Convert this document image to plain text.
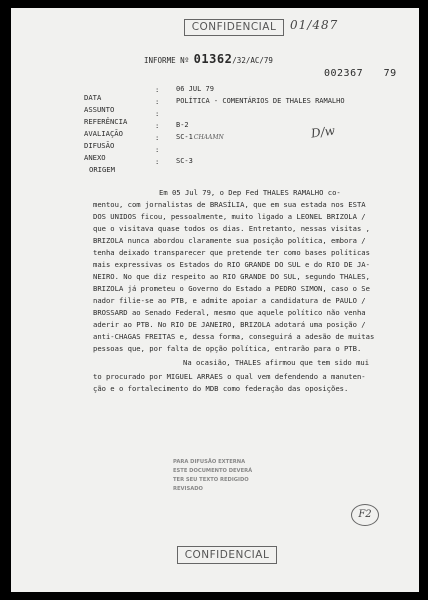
CONFIDENCIAL	01/487
INFORME Nº 01362/32/AC/79
002367 79
DATA
: 06 JUL 79
ASSUNTO
: POLÍTICA - COMENTÁRIOS DE THALES RAMALHO
REFERÊNCIA
:
AVALIAÇÃO
: B-2
DIFUSÃO
: SC-1CHAAMN
ANEXO
:
ORIGEM
: SC-3
D/w
Em 05 Jul 79, o Dep Fed THALES RAMALHO co-
mentou, com jornalistas de BRASÍLIA, que em sua estada nos ESTA
DOS UNIDOS ficou, pessoalmente, muito ligado a LEONEL BRIZOLA /
que o visitava quase todos os dias. Entretanto, nessas visitas ,
BRIZOLA nunca abordou claramente sua posição política, embora /
tenha deixado transparecer que pretende ter como bases políticas
mais expressivas os Estados do RIO GRANDE DO SUL e do RIO DE JA-
NEIRO. No que diz respeito ao RIO GRANDE DO SUL, segundo THALES,
BRIZOLA já prometeu o Governo do Estado a PEDRO SIMON, caso o Se
nador filie-se ao PTB, e admite apoiar a candidatura de PAULO /
BROSSARD ao Senado Federal, mesmo que aquele político não venha
aderir ao PTB. No RIO DE JANEIRO, BRIZOLA adotará uma posição /
anti-CHAGAS FREITAS e, dessa forma, conseguirá a adesão de muitas
pessoas que, por falta de opção política, entrarão para o PTB.
Na ocasião, THALES afirmou que tem sido mui
to procurado por MIGUEL ARRAES o qual vem defendendo a manuten-
ção e o fortalecimento do MDB como federação das oposições.
PARA DIFUSÃO EXTERNA
ESTE DOCUMENTO DEVERÁ
TER SEU TEXTO REDIGIDO
REVISADO
F2
CONFIDENCIAL
